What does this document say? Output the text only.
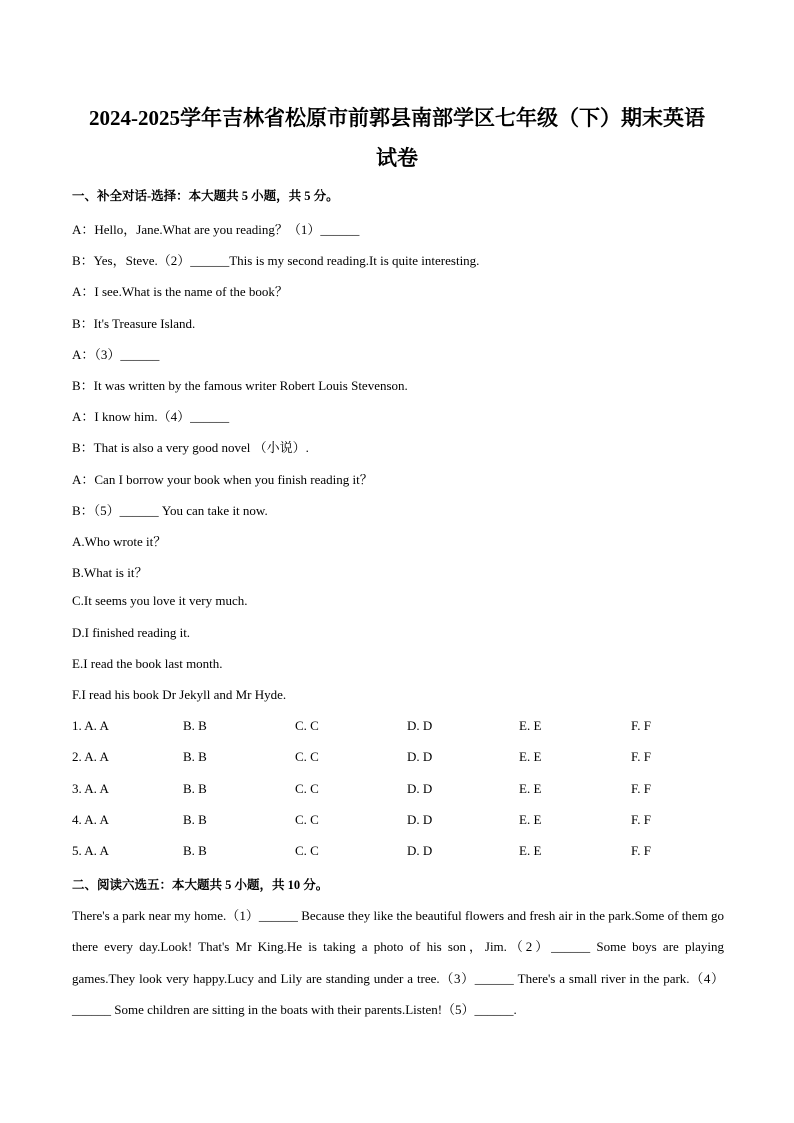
2024-2025学年吉林省松原市前郭县南部学区七年级（下）期末英语
试卷
一、补全对话-选择：本大题共 5 小题，共 5 分。
A：Hello，Jane.What are you reading？（1）______
B：Yes，Steve.（2）______This is my second reading.It is quite interesting.
A：I see.What is the name of the book？
B：It's Treasure Island.
A：（3）______
B：It was written by the famous writer Robert Louis Stevenson.
A：I know him.（4）______
B：That is also a very good novel （小说）.
A：Can I borrow your book when you finish reading it？
B：（5）______ You can take it now.
A.Who wrote it？
B.What is it？
C.It seems you love it very much.
D.I finished reading it.
E.I read the book last month.
F.I read his book Dr Jekyll and Mr Hyde.
1. A. A	B. B	C. C	D. D	E. E	F. F
2. A. A	B. B	C. C	D. D	E. E	F. F
3. A. A	B. B	C. C	D. D	E. E	F. F
4. A. A	B. B	C. C	D. D	E. E	F. F
5. A. A	B. B	C. C	D. D	E. E	F. F
二、阅读六选五：本大题共 5 小题，共 10 分。
There's a park near my home.（1）______ Because they like the beautiful flowers and fresh air in the park.Some of them go there every day.Look! That's Mr King.He is taking a photo of his son，Jim.（2）______ Some boys are playing games.They look very happy.Lucy and Lily are standing under a tree.（3）______ There's a small river in the park.（4）______ Some children are sitting in the boats with their parents.Listen!（5）______.
